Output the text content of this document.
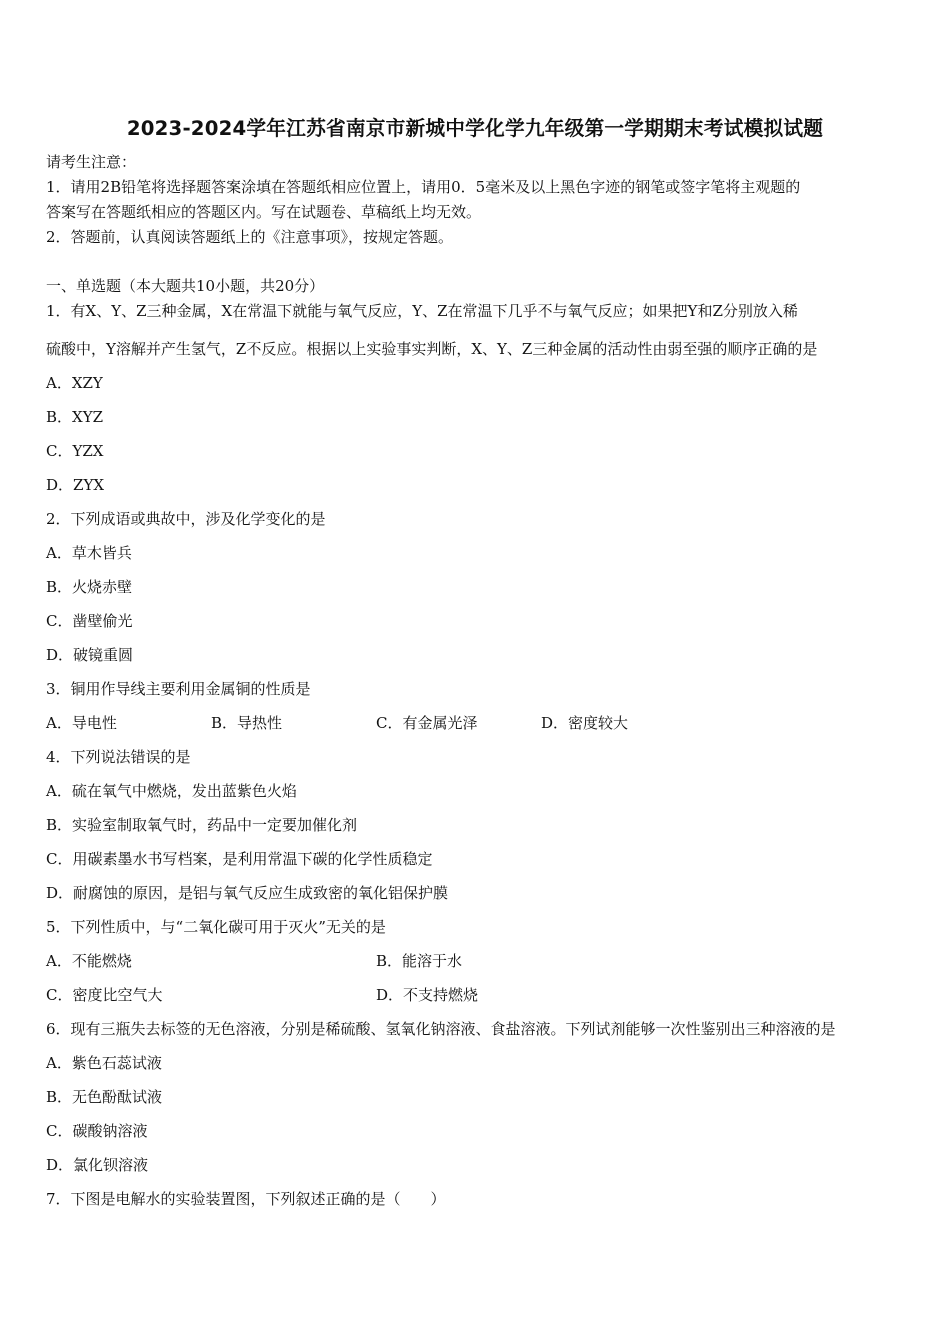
2023-2024学年江苏省南京市新城中学化学九年级第一学期期末考试模拟试题
请考生注意：
1．请用2B铅笔将选择题答案涂填在答题纸相应位置上，请用0．5毫米及以上黑色字迹的钢笔或签字笔将主观题的
答案写在答题纸相应的答题区内。写在试题卷、草稿纸上均无效。
2．答题前，认真阅读答题纸上的《注意事项》，按规定答题。
一、单选题（本大题共10小题，共20分）
1．有X、Y、Z三种金属，X在常温下就能与氧气反应，Y、Z在常温下几乎不与氧气反应；如果把Y和Z分别放入稀
硫酸中，Y溶解并产生氢气，Z不反应。根据以上实验事实判断，X、Y、Z三种金属的活动性由弱至强的顺序正确的是
A．XZY
B．XYZ
C．YZX
D．ZYX
2．下列成语或典故中，涉及化学变化的是
A．草木皆兵
B．火烧赤壁
C．凿壁偷光
D．破镜重圆
3．铜用作导线主要利用金属铜的性质是
A．导电性	B．导热性	C．有金属光泽	D．密度较大
4．下列说法错误的是
A．硫在氧气中燃烧，发出蓝紫色火焰
B．实验室制取氧气时，药品中一定要加催化剂
C．用碳素墨水书写档案，是利用常温下碳的化学性质稳定
D．耐腐蚀的原因，是铝与氧气反应生成致密的氧化铝保护膜
5．下列性质中，与“二氧化碳可用于灭火”无关的是
A．不能燃烧	B．能溶于水
C．密度比空气大	D．不支持燃烧
6．现有三瓶失去标签的无色溶液，分别是稀硫酸、氢氧化钠溶液、食盐溶液。下列试剂能够一次性鉴别出三种溶液的是
A．紫色石蕊试液
B．无色酚酞试液
C．碳酸钠溶液
D．氯化钡溶液
7．下图是电解水的实验装置图，下列叙述正确的是（　　）
